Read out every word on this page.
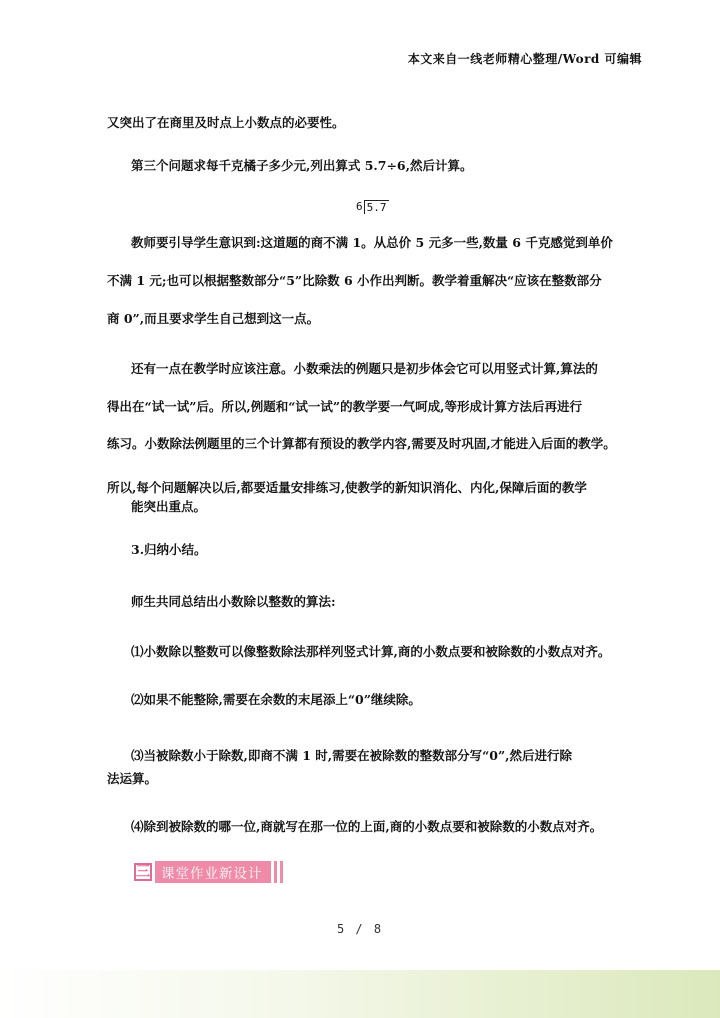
本文来自一线老师精心整理/Word 可编辑
又突出了在商里及时点上小数点的必要性。
第三个问题求每千克橘子多少元,列出算式 5.7÷6,然后计算。
6 5.7
教师要引导学生意识到:这道题的商不满 1。从总价 5 元多一些,数量 6 千克感觉到单价
不满 1 元;也可以根据整数部分“5”比除数 6 小作出判断。教学着重解决“应该在整数部分
商 0”,而且要求学生自己想到这一点。
还有一点在教学时应该注意。小数乘法的例题只是初步体会它可以用竖式计算,算法的
得出在“试一试”后。所以,例题和“试一试”的教学要一气呵成,等形成计算方法后再进行
练习。小数除法例题里的三个计算都有预设的教学内容,需要及时巩固,才能进入后面的教学。
所以,每个问题解决以后,都要适量安排练习,使教学的新知识消化、内化,保障后面的教学
能突出重点。
3.归纳小结。
师生共同总结出小数除以整数的算法:
⑴小数除以整数可以像整数除法那样列竖式计算,商的小数点要和被除数的小数点对齐。
⑵如果不能整除,需要在余数的末尾添上“0”继续除。
⑶当被除数小于除数,即商不满 1 时,需要在被除数的整数部分写“0”,然后进行除
法运算。
⑷除到被除数的哪一位,商就写在那一位的上面,商的小数点要和被除数的小数点对齐。
三 课堂作业新设计
5 / 8
